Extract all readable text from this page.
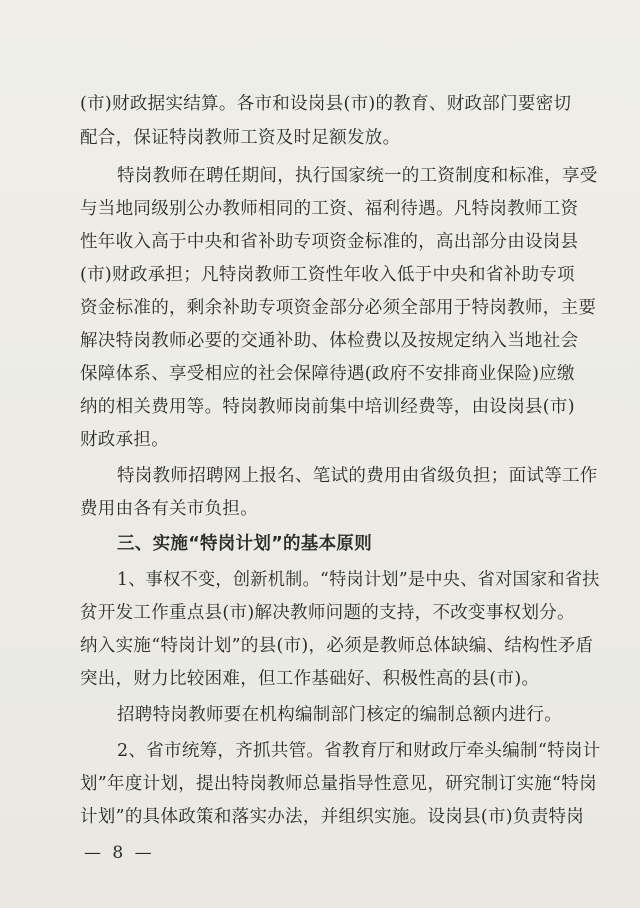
(市)财政据实结算。各市和设岗县(市)的教育、财政部门要密切
配合，保证特岗教师工资及时足额发放。
特岗教师在聘任期间，执行国家统一的工资制度和标准，享受
与当地同级别公办教师相同的工资、福利待遇。凡特岗教师工资
性年收入高于中央和省补助专项资金标准的，高出部分由设岗县
(市)财政承担；凡特岗教师工资性年收入低于中央和省补助专项
资金标准的，剩余补助专项资金部分必须全部用于特岗教师，主要
解决特岗教师必要的交通补助、体检费以及按规定纳入当地社会
保障体系、享受相应的社会保障待遇(政府不安排商业保险)应缴
纳的相关费用等。特岗教师岗前集中培训经费等，由设岗县(市)
财政承担。
特岗教师招聘网上报名、笔试的费用由省级负担；面试等工作
费用由各有关市负担。
三、实施“特岗计划”的基本原则
1、事权不变，创新机制。“特岗计划”是中央、省对国家和省扶
贫开发工作重点县(市)解决教师问题的支持，不改变事权划分。
纳入实施“特岗计划”的县(市)，必须是教师总体缺编、结构性矛盾
突出，财力比较困难，但工作基础好、积极性高的县(市)。
招聘特岗教师要在机构编制部门核定的编制总额内进行。
2、省市统筹，齐抓共管。省教育厅和财政厅牵头编制“特岗计
划”年度计划，提出特岗教师总量指导性意见，研究制订实施“特岗
计划”的具体政策和落实办法，并组织实施。设岗县(市)负责特岗
— 8 —
